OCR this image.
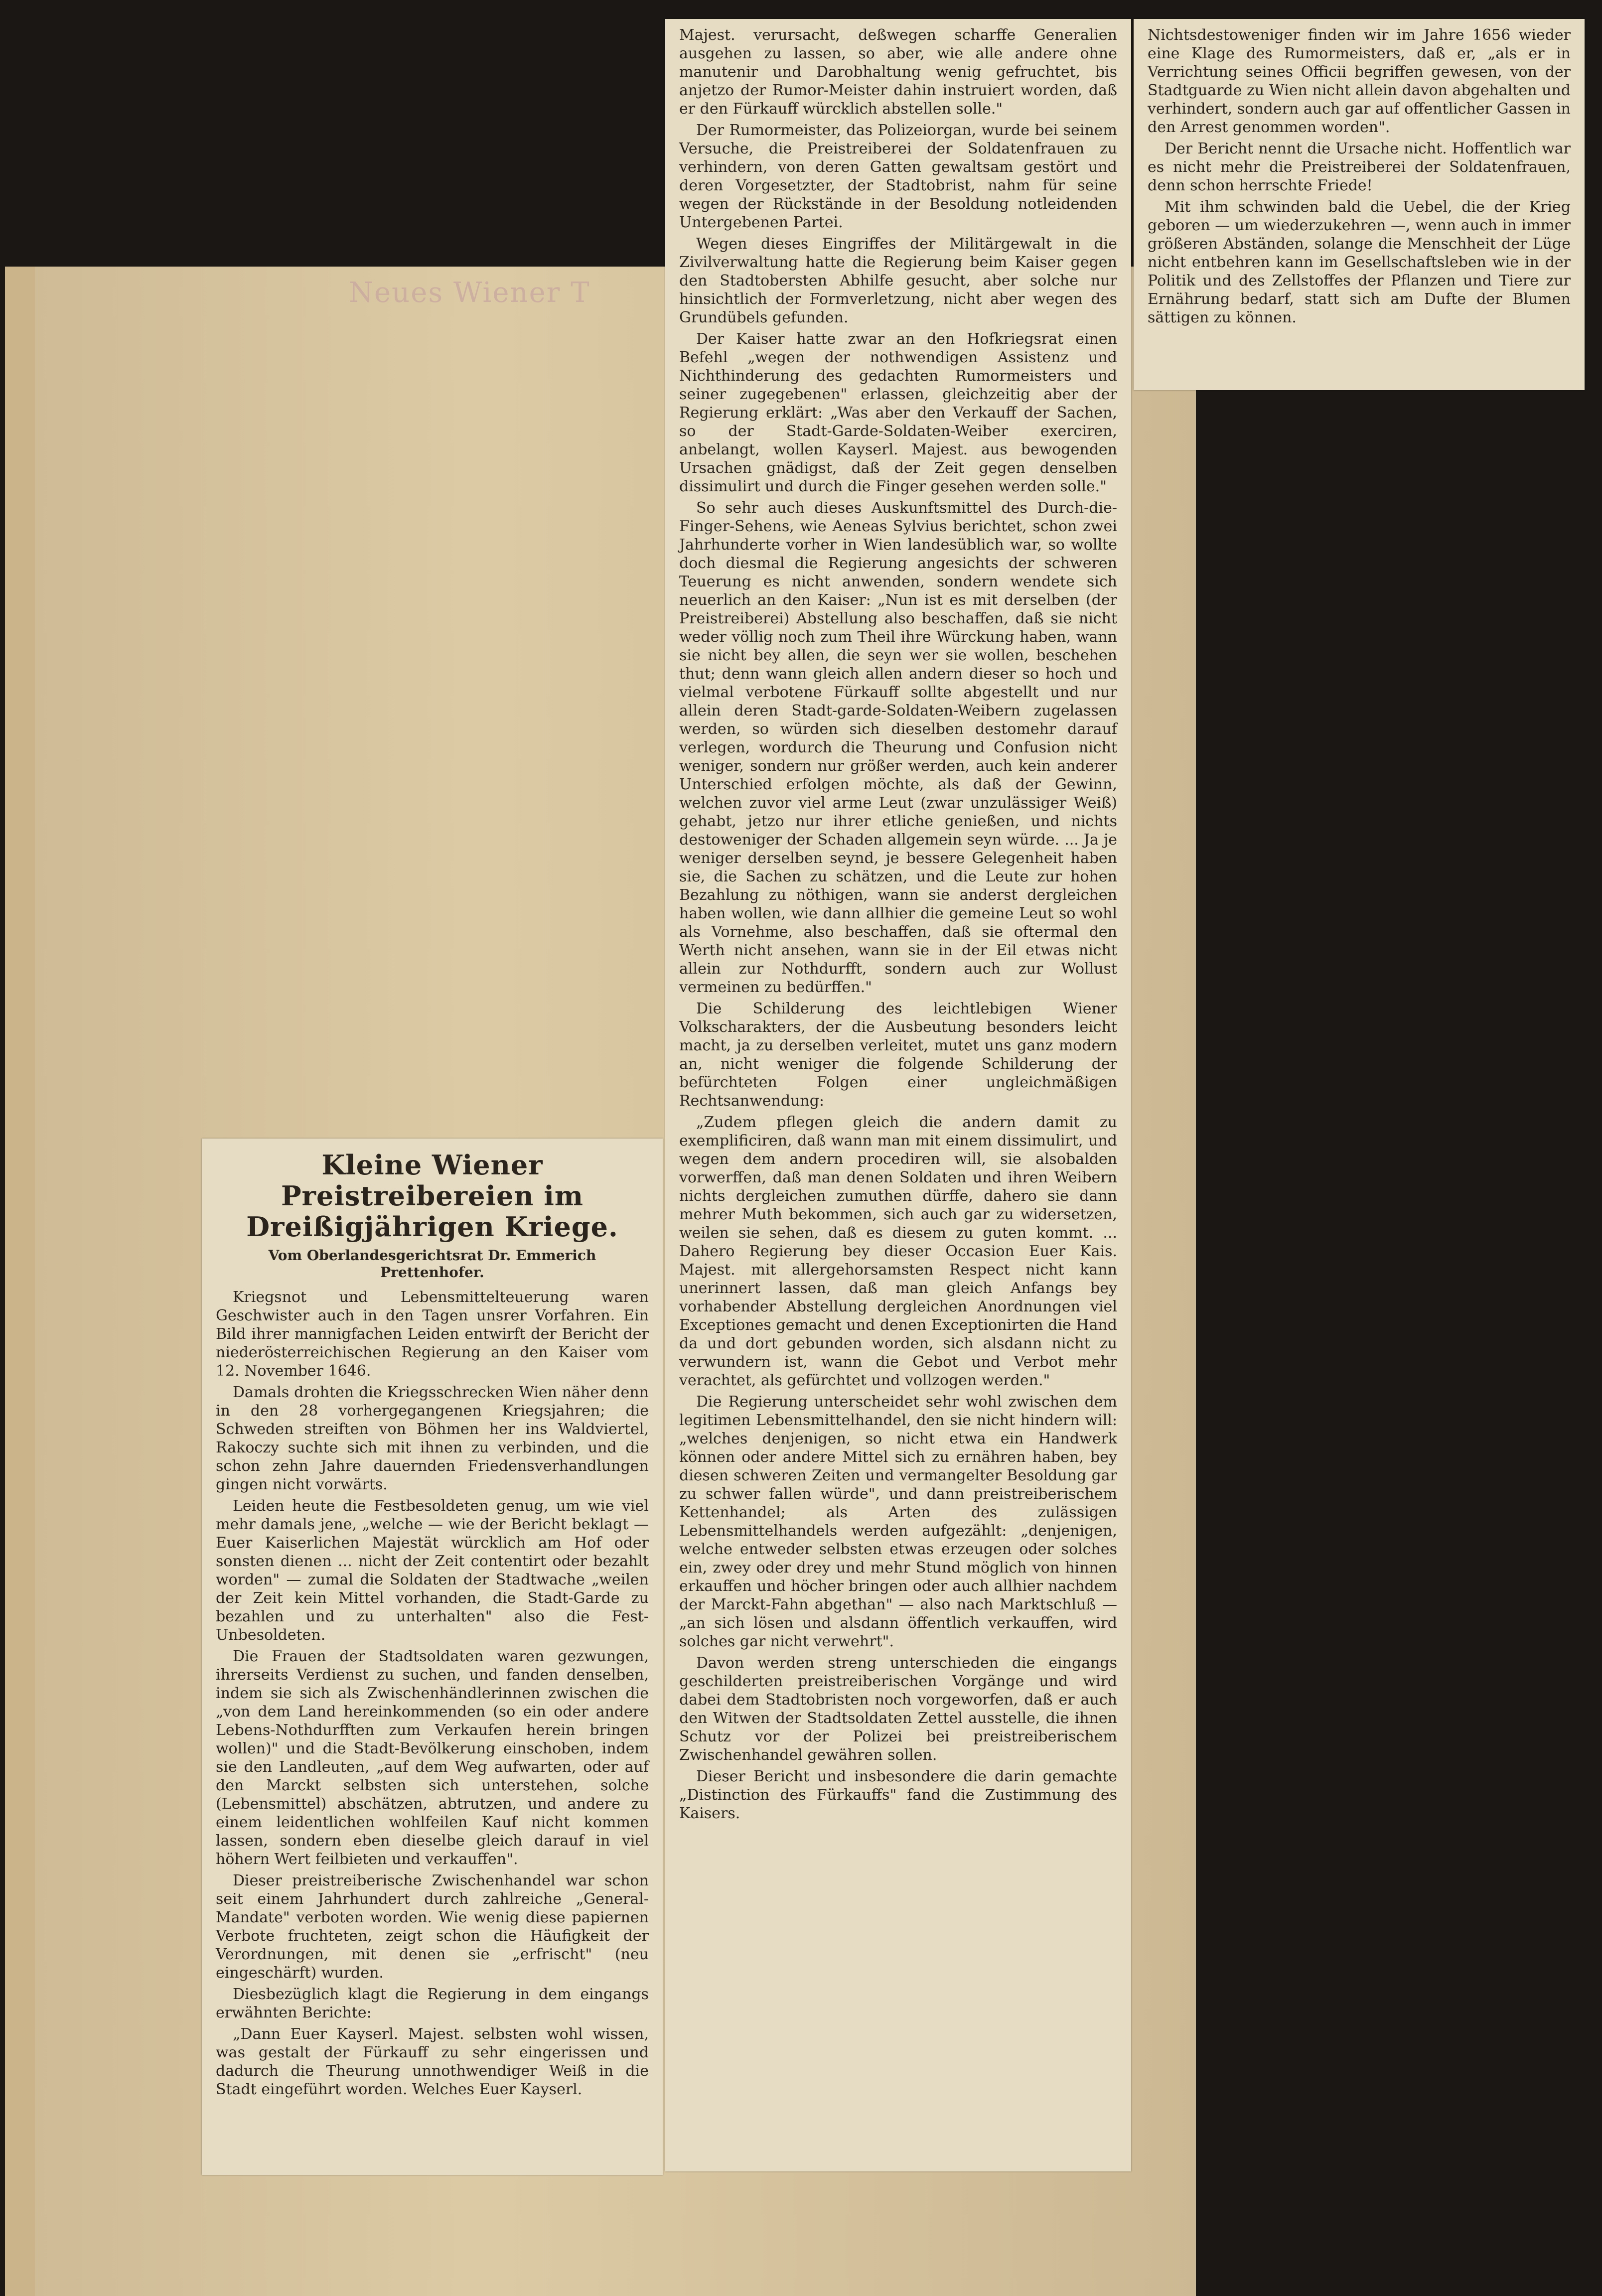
Neues Wiener T

Majest. verursacht, deßwegen scharffe Generalien ausgehen zu lassen, so aber, wie alle andere ohne manutenir und Darobhaltung wenig gefruchtet, bis anjetzo der Rumor-Meister dahin instruiert worden, daß er den Fürkauff würcklich abstellen solle."

Der Rumormeister, das Polizeiorgan, wurde bei seinem Versuche, die Preistreiberei der Soldatenfrauen zu verhindern, von deren Gatten gewaltsam gestört und deren Vorgesetzter, der Stadtobrist, nahm für seine wegen der Rückstände in der Besoldung notleidenden Untergebenen Partei.

Wegen dieses Eingriffes der Militärgewalt in die Zivilverwaltung hatte die Regierung beim Kaiser gegen den Stadtobersten Abhilfe gesucht, aber solche nur hinsichtlich der Formverletzung, nicht aber wegen des Grundübels gefunden.

Der Kaiser hatte zwar an den Hofkriegsrat einen Befehl „wegen der nothwendigen Assistenz und Nichthinderung des gedachten Rumormeisters und seiner zugegebenen" erlassen, gleichzeitig aber der Regierung erklärt: „Was aber den Verkauff der Sachen, so der Stadt-Garde-Soldaten-Weiber exerciren, anbelangt, wollen Kayserl. Majest. aus bewogenden Ursachen gnädigst, daß der Zeit gegen denselben dissimulirt und durch die Finger gesehen werden solle."

So sehr auch dieses Auskunftsmittel des Durch-die-Finger-Sehens, wie Aeneas Sylvius berichtet, schon zwei Jahrhunderte vorher in Wien landesüblich war, so wollte doch diesmal die Regierung angesichts der schweren Teuerung es nicht anwenden, sondern wendete sich neuerlich an den Kaiser: „Nun ist es mit derselben (der Preistreiberei) Abstellung also beschaffen, daß sie nicht weder völlig noch zum Theil ihre Würckung haben, wann sie nicht bey allen, die seyn wer sie wollen, beschehen thut; denn wann gleich allen andern dieser so hoch und vielmal verbotene Fürkauff sollte abgestellt und nur allein deren Stadt-garde-Soldaten-Weibern zugelassen werden, so würden sich dieselben destomehr darauf verlegen, wordurch die Theurung und Confusion nicht weniger, sondern nur größer werden, auch kein anderer Unterschied erfolgen möchte, als daß der Gewinn, welchen zuvor viel arme Leut (zwar unzulässiger Weiß) gehabt, jetzo nur ihrer etliche genießen, und nichts destoweniger der Schaden allgemein seyn würde. ... Ja je weniger derselben seynd, je bessere Gelegenheit haben sie, die Sachen zu schätzen, und die Leute zur hohen Bezahlung zu nöthigen, wann sie anderst dergleichen haben wollen, wie dann allhier die gemeine Leut so wohl als Vornehme, also beschaffen, daß sie oftermal den Werth nicht ansehen, wann sie in der Eil etwas nicht allein zur Nothdurfft, sondern auch zur Wollust vermeinen zu bedürffen."

Die Schilderung des leichtlebigen Wiener Volkscharakters, der die Ausbeutung besonders leicht macht, ja zu derselben verleitet, mutet uns ganz modern an, nicht weniger die folgende Schilderung der befürchteten Folgen einer ungleichmäßigen Rechtsanwendung:

„Zudem pflegen gleich die andern damit zu exemplificiren, daß wann man mit einem dissimulirt, und wegen dem andern procediren will, sie alsobalden vorwerffen, daß man denen Soldaten und ihren Weibern nichts dergleichen zumuthen dürffe, dahero sie dann mehrer Muth bekommen, sich auch gar zu widersetzen, weilen sie sehen, daß es diesem zu guten kommt. ... Dahero Regierung bey dieser Occasion Euer Kais. Majest. mit allergehorsamsten Respect nicht kann unerinnert lassen, daß man gleich Anfangs bey vorhabender Abstellung dergleichen Anordnungen viel Exceptiones gemacht und denen Exceptionirten die Hand da und dort gebunden worden, sich alsdann nicht zu verwundern ist, wann die Gebot und Verbot mehr verachtet, als gefürchtet und vollzogen werden."

Die Regierung unterscheidet sehr wohl zwischen dem legitimen Lebensmittelhandel, den sie nicht hindern will: „welches denjenigen, so nicht etwa ein Handwerk können oder andere Mittel sich zu ernähren haben, bey diesen schweren Zeiten und vermangelter Besoldung gar zu schwer fallen würde", und dann preistreiberischem Kettenhandel; als Arten des zulässigen Lebensmittelhandels werden aufgezählt: „denjenigen, welche entweder selbsten etwas erzeugen oder solches ein, zwey oder drey und mehr Stund möglich von hinnen erkauffen und höcher bringen oder auch allhier nachdem der Marckt-Fahn abgethan" — also nach Marktschluß — „an sich lösen und alsdann öffentlich verkauffen, wird solches gar nicht verwehrt".

Davon werden streng unterschieden die eingangs geschilderten preistreiberischen Vorgänge und wird dabei dem Stadtobristen noch vorgeworfen, daß er auch den Witwen der Stadtsoldaten Zettel ausstelle, die ihnen Schutz vor der Polizei bei preistreiberischem Zwischenhandel gewähren sollen.

Dieser Bericht und insbesondere die darin gemachte „Distinction des Fürkauffs" fand die Zustimmung des Kaisers.

Nichtsdestoweniger finden wir im Jahre 1656 wieder eine Klage des Rumormeisters, daß er, „als er in Verrichtung seines Officii begriffen gewesen, von der Stadtguarde zu Wien nicht allein davon abgehalten und verhindert, sondern auch gar auf offentlicher Gassen in den Arrest genommen worden".

Der Bericht nennt die Ursache nicht. Hoffentlich war es nicht mehr die Preistreiberei der Soldatenfrauen, denn schon herrschte Friede!

Mit ihm schwinden bald die Uebel, die der Krieg geboren — um wiederzukehren —, wenn auch in immer größeren Abständen, solange die Menschheit der Lüge nicht entbehren kann im Gesellschaftsleben wie in der Politik und des Zellstoffes der Pflanzen und Tiere zur Ernährung bedarf, statt sich am Dufte der Blumen sättigen zu können.

Kleine Wiener Preistreibereien im Dreißigjährigen Kriege.
Vom Oberlandesgerichtsrat Dr. Emmerich Prettenhofer.

Kriegsnot und Lebensmittelteuerung waren Geschwister auch in den Tagen unsrer Vorfahren. Ein Bild ihrer mannigfachen Leiden entwirft der Bericht der niederösterreichischen Regierung an den Kaiser vom 12. November 1646.

Damals drohten die Kriegsschrecken Wien näher denn in den 28 vorhergegangenen Kriegsjahren; die Schweden streiften von Böhmen her ins Waldviertel, Rakoczy suchte sich mit ihnen zu verbinden, und die schon zehn Jahre dauernden Friedensverhandlungen gingen nicht vorwärts.

Leiden heute die Festbesoldeten genug, um wie viel mehr damals jene, „welche — wie der Bericht beklagt — Euer Kaiserlichen Majestät würcklich am Hof oder sonsten dienen ... nicht der Zeit contentirt oder bezahlt worden" — zumal die Soldaten der Stadtwache „weilen der Zeit kein Mittel vorhanden, die Stadt-Garde zu bezahlen und zu unterhalten" also die Fest-Unbesoldeten.

Die Frauen der Stadtsoldaten waren gezwungen, ihrerseits Verdienst zu suchen, und fanden denselben, indem sie sich als Zwischenhändlerinnen zwischen die „von dem Land hereinkommenden (so ein oder andere Lebens-Nothdurfften zum Verkaufen herein bringen wollen)" und die Stadt-Bevölkerung einschoben, indem sie den Landleuten, „auf dem Weg aufwarten, oder auf den Marckt selbsten sich unterstehen, solche (Lebensmittel) abschätzen, abtrutzen, und andere zu einem leidentlichen wohlfeilen Kauf nicht kommen lassen, sondern eben dieselbe gleich darauf in viel höhern Wert feilbieten und verkauffen".

Dieser preistreiberische Zwischenhandel war schon seit einem Jahrhundert durch zahlreiche „General-Mandate" verboten worden. Wie wenig diese papiernen Verbote fruchteten, zeigt schon die Häufigkeit der Verordnungen, mit denen sie „erfrischt" (neu eingeschärft) wurden.

Diesbezüglich klagt die Regierung in dem eingangs erwähnten Berichte:

„Dann Euer Kayserl. Majest. selbsten wohl wissen, was gestalt der Fürkauff zu sehr eingerissen und dadurch die Theurung unnothwendiger Weiß in die Stadt eingeführt worden. Welches Euer Kayserl.
